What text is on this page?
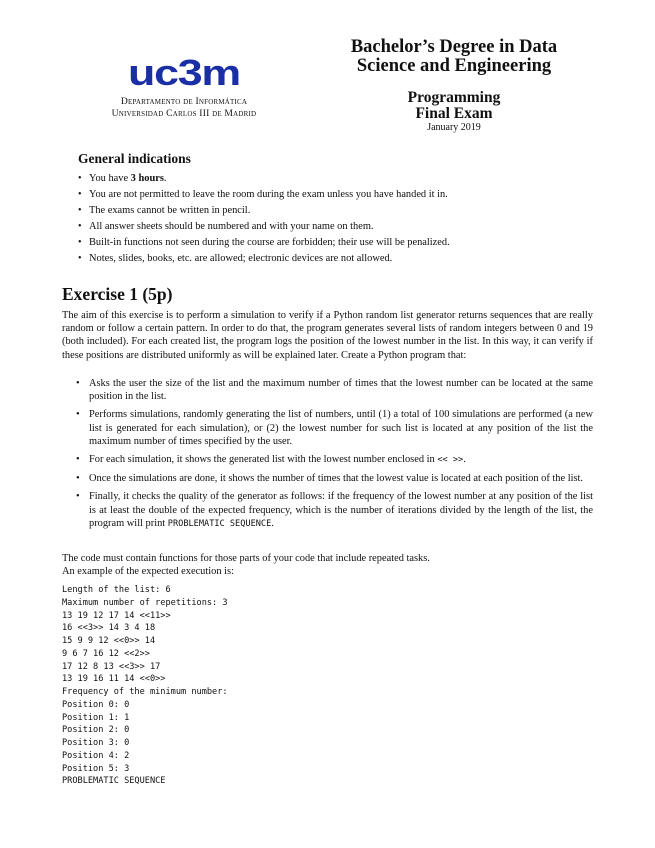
uc3m
Departamento de Informática
Universidad Carlos III de Madrid
Bachelor’s Degree in Data
Science and Engineering
Programming
Final Exam
January 2019
General indications
• You have 3 hours.
• You are not permitted to leave the room during the exam unless you have handed it in.
• The exams cannot be written in pencil.
• All answer sheets should be numbered and with your name on them.
• Built-in functions not seen during the course are forbidden; their use will be penalized.
• Notes, slides, books, etc. are allowed; electronic devices are not allowed.
Exercise 1 (5p)

The aim of this exercise is to perform a simulation to verify if a Python random list generator returns sequences that are really random or follow a certain pattern. In order to do that, the program generates several lists of random integers between 0 and 19 (both included). For each created list, the program logs the position of the lowest number in the list. In this way, it can verify if these positions are distributed uniformly as will be explained later. Create a Python program that:

• Asks the user the size of the list and the maximum number of times that the lowest number can be located at the same position in the list.
• Performs simulations, randomly generating the list of numbers, until (1) a total of 100 simulations are performed (a new list is generated for each simulation), or (2) the lowest number for such list is located at any position of the list the maximum number of times specified by the user.
• For each simulation, it shows the generated list with the lowest number enclosed in << >>.
• Once the simulations are done, it shows the number of times that the lowest value is located at each position of the list.
• Finally, it checks the quality of the generator as follows: if the frequency of the lowest number at any position of the list is at least the double of the expected frequency, which is the number of iterations divided by the length of the list, the program will print PROBLEMATIC SEQUENCE.
The code must contain functions for those parts of your code that include repeated tasks.
An example of the expected execution is:
Length of the list: 6
Maximum number of repetitions: 3
13 19 12 17 14 <<11>>
16 <<3>> 14 3 4 18
15 9 9 12 <<0>> 14
9 6 7 16 12 <<2>>
17 12 8 13 <<3>> 17
13 19 16 11 14 <<0>>
Frequency of the minimum number:
Position 0: 0
Position 1: 1
Position 2: 0
Position 3: 0
Position 4: 2
Position 5: 3
PROBLEMATIC SEQUENCE
